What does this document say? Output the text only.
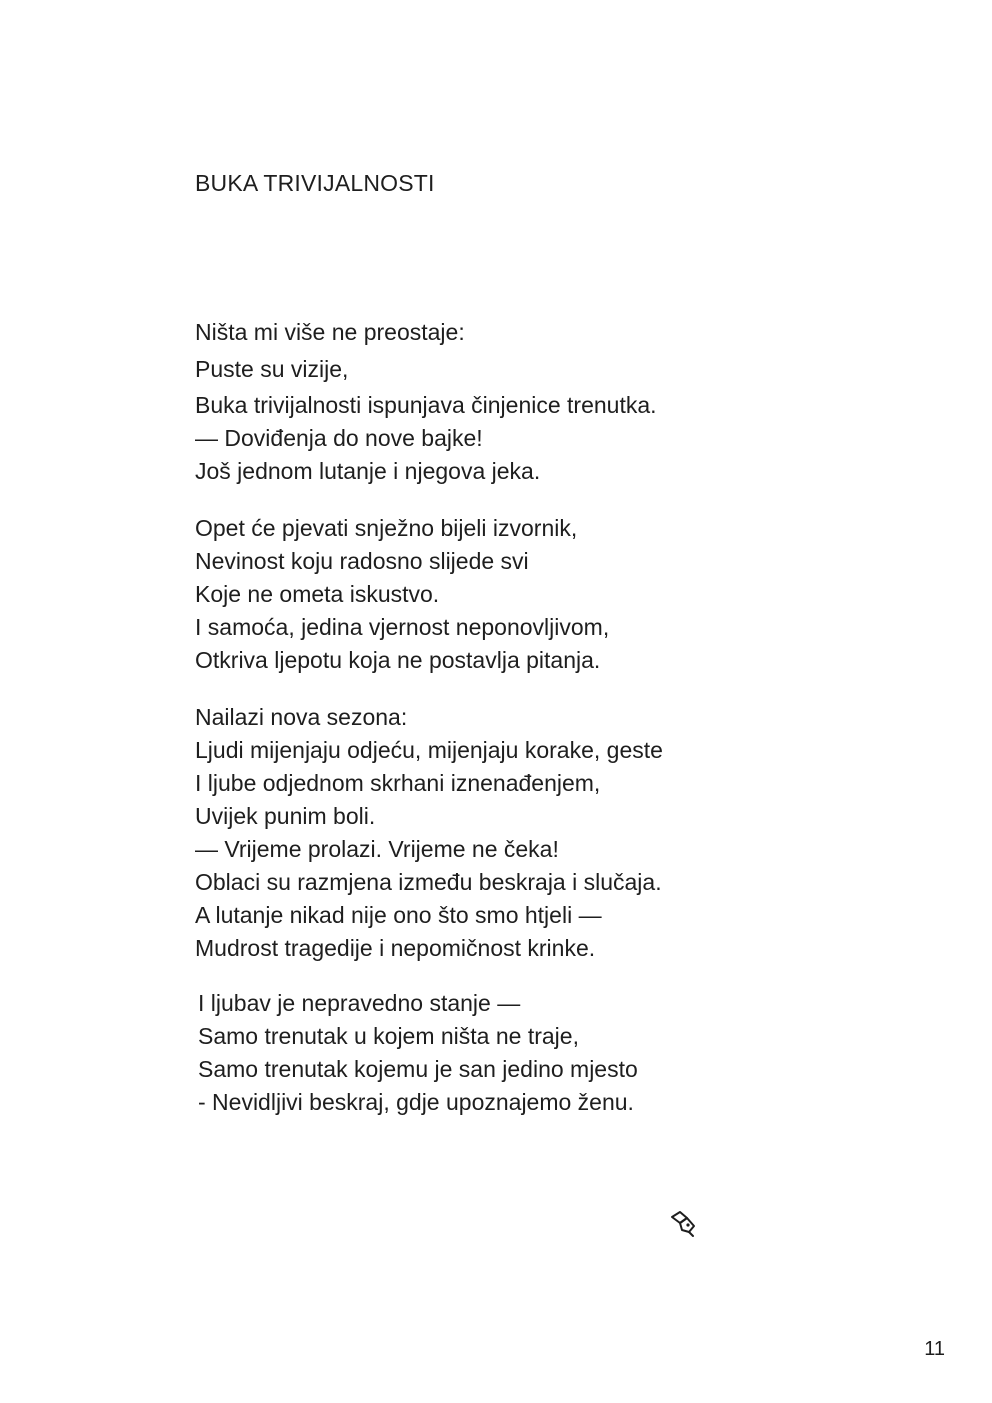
BUKA TRIVIJALNOSTI

Ništa mi više ne preostaje:
Puste su vizije,
Buka trivijalnosti ispunjava činjenice trenutka.
— Doviđenja do nove bajke!
Još jednom lutanje i njegova jeka.

Opet će pjevati snježno bijeli izvornik,
Nevinost koju radosno slijede svi
Koje ne ometa iskustvo.
I samoća, jedina vjernost neponovljivom,
Otkriva ljepotu koja ne postavlja pitanja.

Nailazi nova sezona:
Ljudi mijenjaju odjeću, mijenjaju korake, geste
I ljube odjednom skrhani iznenađenjem,
Uvijek punim boli.
— Vrijeme prolazi. Vrijeme ne čeka!
Oblaci su razmjena između beskraja i slučaja.
A lutanje nikad nije ono što smo htjeli —
Mudrost tragedije i nepomičnost krinke.

I ljubav je nepravedno stanje —
Samo trenutak u kojem ništa ne traje,
Samo trenutak kojemu je san jedino mjesto
- Nevidljivi beskraj, gdje upoznajemo ženu.

11
